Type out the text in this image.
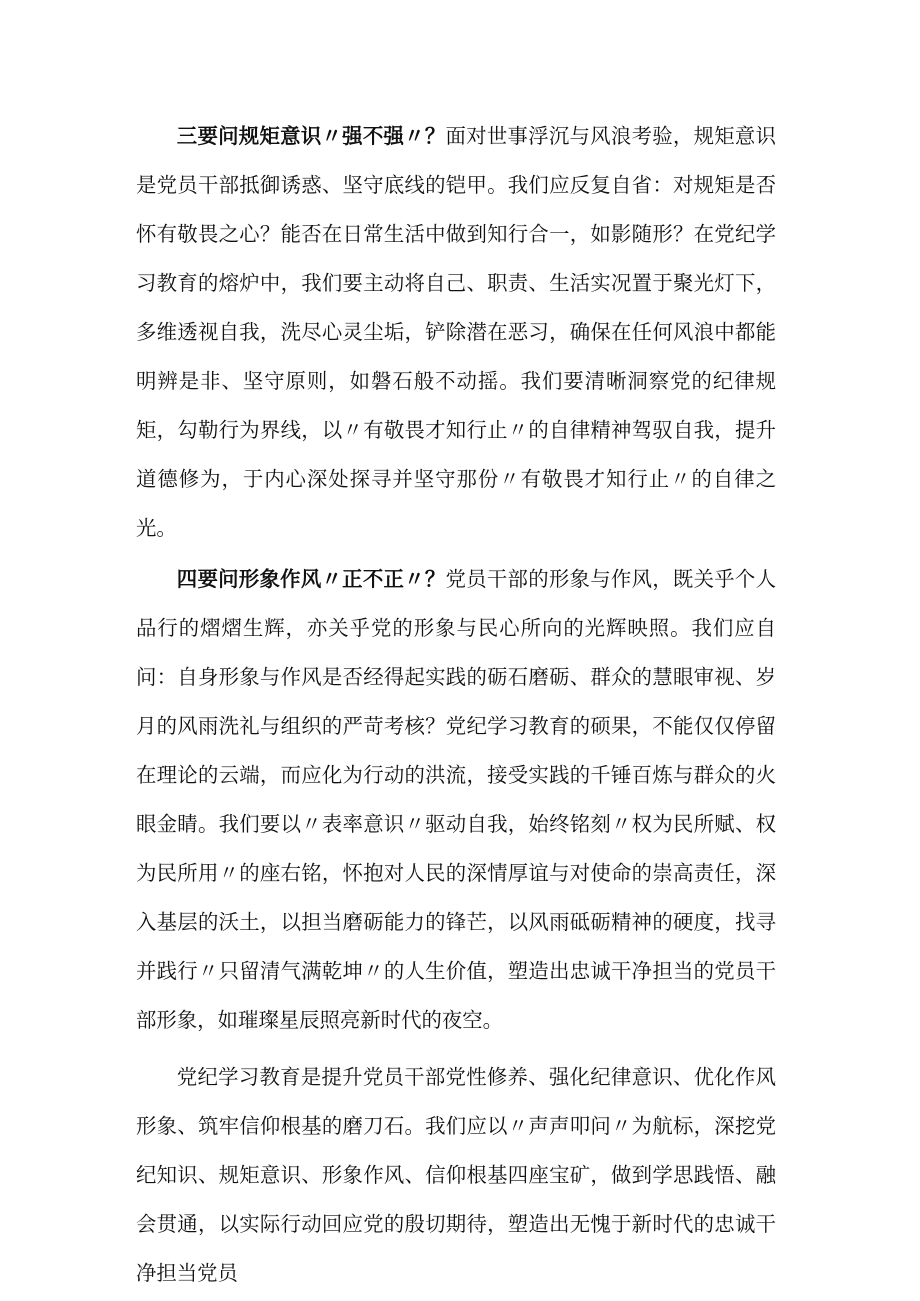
三要问规矩意识〃强不强〃？面对世事浮沉与风浪考验，规矩意识是党员干部抵御诱惑、坚守底线的铠甲。我们应反复自省：对规矩是否怀有敬畏之心？能否在日常生活中做到知行合一，如影随形？在党纪学习教育的熔炉中，我们要主动将自己、职责、生活实况置于聚光灯下，多维透视自我，洗尽心灵尘垢，铲除潜在恶习，确保在任何风浪中都能明辨是非、坚守原则，如磐石般不动摇。我们要清晰洞察党的纪律规矩，勾勒行为界线，以〃有敬畏才知行止〃的自律精神驾驭自我，提升道德修为，于内心深处探寻并坚守那份〃有敬畏才知行止〃的自律之光。

四要问形象作风〃正不正〃？党员干部的形象与作风，既关乎个人品行的熠熠生辉，亦关乎党的形象与民心所向的光辉映照。我们应自问：自身形象与作风是否经得起实践的砺石磨砺、群众的慧眼审视、岁月的风雨洗礼与组织的严苛考核？党纪学习教育的硕果，不能仅仅停留在理论的云端，而应化为行动的洪流，接受实践的千锤百炼与群众的火眼金睛。我们要以〃表率意识〃驱动自我，始终铭刻〃权为民所赋、权为民所用〃的座右铭，怀抱对人民的深情厚谊与对使命的崇高责任，深入基层的沃土，以担当磨砺能力的锋芒，以风雨砥砺精神的硬度，找寻并践行〃只留清气满乾坤〃的人生价值，塑造出忠诚干净担当的党员干部形象，如璀璨星辰照亮新时代的夜空。

党纪学习教育是提升党员干部党性修养、强化纪律意识、优化作风形象、筑牢信仰根基的磨刀石。我们应以〃声声叩问〃为航标，深挖党纪知识、规矩意识、形象作风、信仰根基四座宝矿，做到学思践悟、融会贯通，以实际行动回应党的殷切期待，塑造出无愧于新时代的忠诚干净担当党员
